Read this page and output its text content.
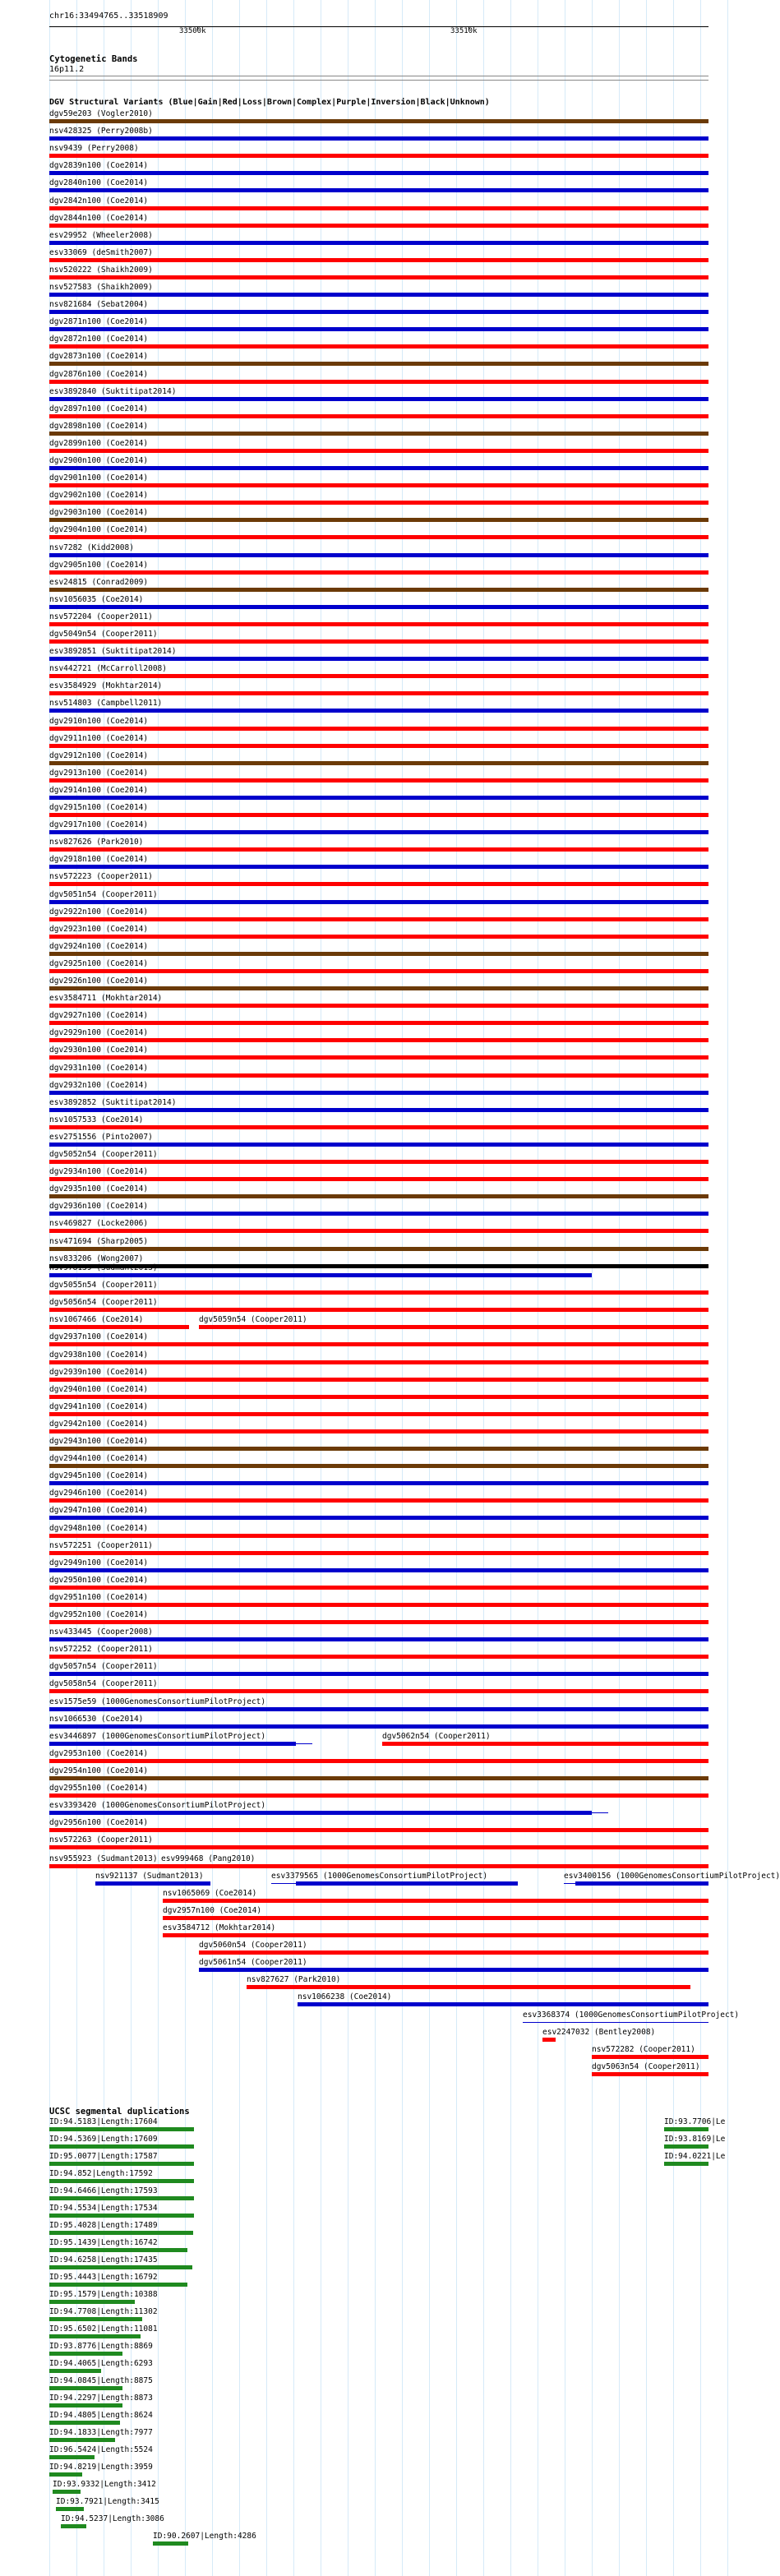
chr16:33494765..33518909
33500k	33510k
Cytogenetic Bands
16p11.2
DGV Structural Variants (Blue|Gain|Red|Loss|Brown|Complex|Purple|Inversion|Black|Unknown)
dgv59e203 (Vogler2010)
nsv428325 (Perry2008b)
nsv9439 (Perry2008)
dgv2839n100 (Coe2014)
dgv2840n100 (Coe2014)
dgv2842n100 (Coe2014)
dgv2844n100 (Coe2014)
esv29952 (Wheeler2008)
esv33069 (deSmith2007)
nsv520222 (Shaikh2009)
nsv527583 (Shaikh2009)
nsv821684 (Sebat2004)
dgv2871n100 (Coe2014)
dgv2872n100 (Coe2014)
dgv2873n100 (Coe2014)
dgv2876n100 (Coe2014)
esv3892840 (Suktitipat2014)
dgv2897n100 (Coe2014)
dgv2898n100 (Coe2014)
dgv2899n100 (Coe2014)
dgv2900n100 (Coe2014)
dgv2901n100 (Coe2014)
dgv2902n100 (Coe2014)
dgv2903n100 (Coe2014)
dgv2904n100 (Coe2014)
nsv7282 (Kidd2008)
dgv2905n100 (Coe2014)
esv24815 (Conrad2009)
nsv1056035 (Coe2014)
nsv572204 (Cooper2011)
dgv5049n54 (Cooper2011)
esv3892851 (Suktitipat2014)
nsv442721 (McCarroll2008)
esv3584929 (Mokhtar2014)
nsv514803 (Campbell2011)
dgv2910n100 (Coe2014)
dgv2911n100 (Coe2014)
dgv2912n100 (Coe2014)
dgv2913n100 (Coe2014)
dgv2914n100 (Coe2014)
dgv2915n100 (Coe2014)
dgv2917n100 (Coe2014)
nsv827626 (Park2010)
dgv2918n100 (Coe2014)
nsv572223 (Cooper2011)
dgv5051n54 (Cooper2011)
dgv2922n100 (Coe2014)
dgv2923n100 (Coe2014)
dgv2924n100 (Coe2014)
dgv2925n100 (Coe2014)
dgv2926n100 (Coe2014)
esv3584711 (Mokhtar2014)
dgv2927n100 (Coe2014)
dgv2929n100 (Coe2014)
dgv2930n100 (Coe2014)
dgv2931n100 (Coe2014)
dgv2932n100 (Coe2014)
esv3892852 (Suktitipat2014)
nsv1057533 (Coe2014)
esv2751556 (Pinto2007)
dgv5052n54 (Cooper2011)
dgv2934n100 (Coe2014)
dgv2935n100 (Coe2014)
dgv2936n100 (Coe2014)
nsv469827 (Locke2006)
nsv471694 (Sharp2005)
nsv833206 (Wong2007)
nsv978139 (Sudmant2013)
dgv5055n54 (Cooper2011)
dgv5056n54 (Cooper2011)
nsv1067466 (Coe2014)	dgv5059n54 (Cooper2011)
dgv2937n100 (Coe2014)
dgv2938n100 (Coe2014)
dgv2939n100 (Coe2014)
dgv2940n100 (Coe2014)
dgv2941n100 (Coe2014)
dgv2942n100 (Coe2014)
dgv2943n100 (Coe2014)
dgv2944n100 (Coe2014)
dgv2945n100 (Coe2014)
dgv2946n100 (Coe2014)
dgv2947n100 (Coe2014)
dgv2948n100 (Coe2014)
nsv572251 (Cooper2011)
dgv2949n100 (Coe2014)
dgv2950n100 (Coe2014)
dgv2951n100 (Coe2014)
dgv2952n100 (Coe2014)
nsv433445 (Cooper2008)
nsv572252 (Cooper2011)
dgv5057n54 (Cooper2011)
dgv5058n54 (Cooper2011)
esv1575e59 (1000GenomesConsortiumPilotProject)
nsv1066530 (Coe2014)
esv3446897 (1000GenomesConsortiumPilotProject)	dgv5062n54 (Cooper2011)
dgv2953n100 (Coe2014)
dgv2954n100 (Coe2014)
dgv2955n100 (Coe2014)
esv3393420 (1000GenomesConsortiumPilotProject)
dgv2956n100 (Coe2014)
nsv572263 (Cooper2011)
nsv955923 (Sudmant2013) esv999468 (Pang2010)
nsv921137 (Sudmant2013)	esv3379565 (1000GenomesConsortiumPilotProject)	esv3400156 (1000GenomesConsortiumPilotProject)
nsv1065069 (Coe2014)
dgv2957n100 (Coe2014)
esv3584712 (Mokhtar2014)
dgv5060n54 (Cooper2011)
dgv5061n54 (Cooper2011)
nsv827627 (Park2010)
nsv1066238 (Coe2014)
esv3368374 (1000GenomesConsortiumPilotProject)
esv2247032 (Bentley2008)
nsv572282 (Cooper2011)
dgv5063n54 (Cooper2011)
UCSC segmental duplications
ID:94.5183|Length:17604
ID:94.5369|Length:17609
ID:95.0077|Length:17587
ID:94.852|Length:17592
ID:94.6466|Length:17593
ID:94.5534|Length:17534
ID:95.4028|Length:17489
ID:95.1439|Length:16742
ID:94.6258|Length:17435
ID:95.4443|Length:16792
ID:95.1579|Length:10388
ID:94.7708|Length:11302
ID:95.6502|Length:11081
ID:93.8776|Length:8869
ID:94.4065|Length:6293
ID:94.0845|Length:8875
ID:94.2297|Length:8873
ID:94.4805|Length:8624
ID:94.1833|Length:7977
ID:96.5424|Length:5524
ID:94.8219|Length:3959
ID:93.9332|Length:3412
ID:93.7921|Length:3415
ID:94.5237|Length:3086
ID:90.2607|Length:4286
ID:93.7706|Le
ID:93.8169|Le
ID:94.0221|Le
